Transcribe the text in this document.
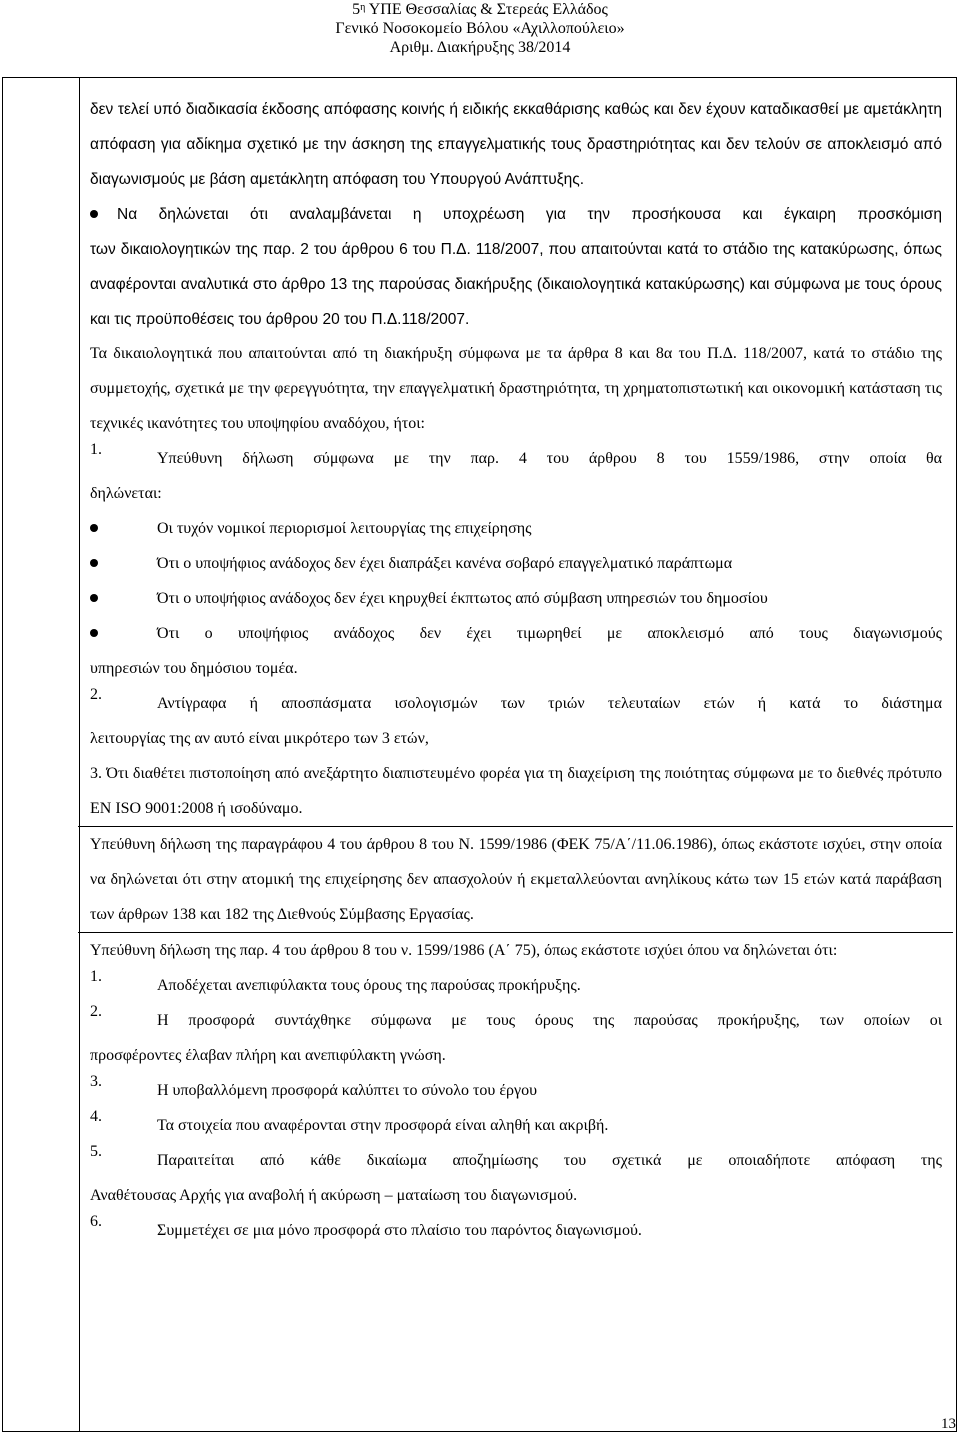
$5^\eta$ ΥΠΕ Θεσσαλίας & Στερεάς Ελλάδος
Γενικό Νοσοκομείο Βόλου «Αχιλλοπούλειο»
Αριθμ. Διακήρυξης 38/2014

δεν τελεί υπό διαδικασία έκδοσης απόφασης κοινής ή ειδικής εκκαθάρισης καθώς και δεν έχουν καταδικασθεί με αμετάκλητη απόφαση για αδίκημα σχετικό με την άσκηση της επαγγελματικής τους δραστηριότητας και δεν τελούν σε αποκλεισμό από διαγωνισμούς με βάση αμετάκλητη απόφαση του Υπουργού Ανάπτυξης.

Να δηλώνεται ότι αναλαμβάνεται η υποχρέωση για την προσήκουσα και έγκαιρη προσκόμιση

των δικαιολογητικών της παρ. 2 του άρθρου 6 του Π.Δ. 118/2007, που απαιτούνται κατά το στάδιο της κατακύρωσης, όπως αναφέρονται αναλυτικά στο άρθρο 13 της παρούσας διακήρυξης (δικαιολογητικά κατακύρωσης) και σύμφωνα με τους όρους και τις προϋποθέσεις του άρθρου 20 του Π.Δ.118/2007.

Τα δικαιολογητικά που απαιτούνται από τη διακήρυξη σύμφωνα με τα άρθρα 8 και 8α του Π.Δ. 118/2007, κατά το στάδιο της συμμετοχής, σχετικά με την φερεγγυότητα, την επαγγελματική δραστηριότητα, τη χρηματοπιστωτική και οικονομική κατάσταση τις τεχνικές ικανότητες του υποψηφίου αναδόχου, ήτοι:

1.

Υπεύθυνη δήλωση σύμφωνα με την παρ. 4 του άρθρου 8 του 1559/1986, στην οποία θα

δηλώνεται:

Οι τυχόν νομικοί περιορισμοί λειτουργίας της επιχείρησης

Ότι ο υποψήφιος ανάδοχος δεν έχει διαπράξει κανένα σοβαρό επαγγελματικό παράπτωμα

Ότι ο υποψήφιος ανάδοχος δεν έχει κηρυχθεί έκπτωτος από σύμβαση υπηρεσιών του δημοσίου

Ότι ο υποψήφιος ανάδοχος δεν έχει τιμωρηθεί με αποκλεισμό από τους διαγωνισμούς

υπηρεσιών του δημόσιου τομέα.

2.

Αντίγραφα ή αποσπάσματα ισολογισμών των τριών τελευταίων ετών ή κατά το διάστημα

λειτουργίας της αν αυτό είναι μικρότερο των 3 ετών,

3. Ότι διαθέτει πιστοποίηση από ανεξάρτητο διαπιστευμένο φορέα για τη διαχείριση της ποιότητας σύμφωνα με το διεθνές πρότυπο ΕΝ ISO 9001:2008 ή ισοδύναμο.

Υπεύθυνη δήλωση της παραγράφου 4 του άρθρου 8 του Ν. 1599/1986 (ΦΕΚ 75/Α΄/11.06.1986), όπως εκάστοτε ισχύει, στην οποία να δηλώνεται ότι στην ατομική της επιχείρησης δεν απασχολούν ή εκμεταλλεύονται ανηλίκους κάτω των 15 ετών κατά παράβαση των άρθρων 138 και 182 της Διεθνούς Σύμβασης Εργασίας.

Υπεύθυνη δήλωση της παρ. 4 του άρθρου 8 του ν. 1599/1986 (Α΄ 75), όπως εκάστοτε ισχύει όπου να δηλώνεται ότι:

1.

Αποδέχεται ανεπιφύλακτα τους όρους της παρούσας προκήρυξης.

2.

Η προσφορά συντάχθηκε σύμφωνα με τους όρους της παρούσας προκήρυξης, των οποίων οι

προσφέροντες έλαβαν πλήρη και ανεπιφύλακτη γνώση.

3.

Η υποβαλλόμενη προσφορά καλύπτει το σύνολο του έργου

4.

Τα στοιχεία που αναφέρονται στην προσφορά είναι αληθή και ακριβή.

5.

Παραιτείται από κάθε δικαίωμα αποζημίωσης του σχετικά με οποιαδήποτε απόφαση της

Αναθέτουσας Αρχής για αναβολή ή ακύρωση – ματαίωση του διαγωνισμού.

6.

Συμμετέχει σε μια μόνο προσφορά στο πλαίσιο του παρόντος διαγωνισμού.

13
